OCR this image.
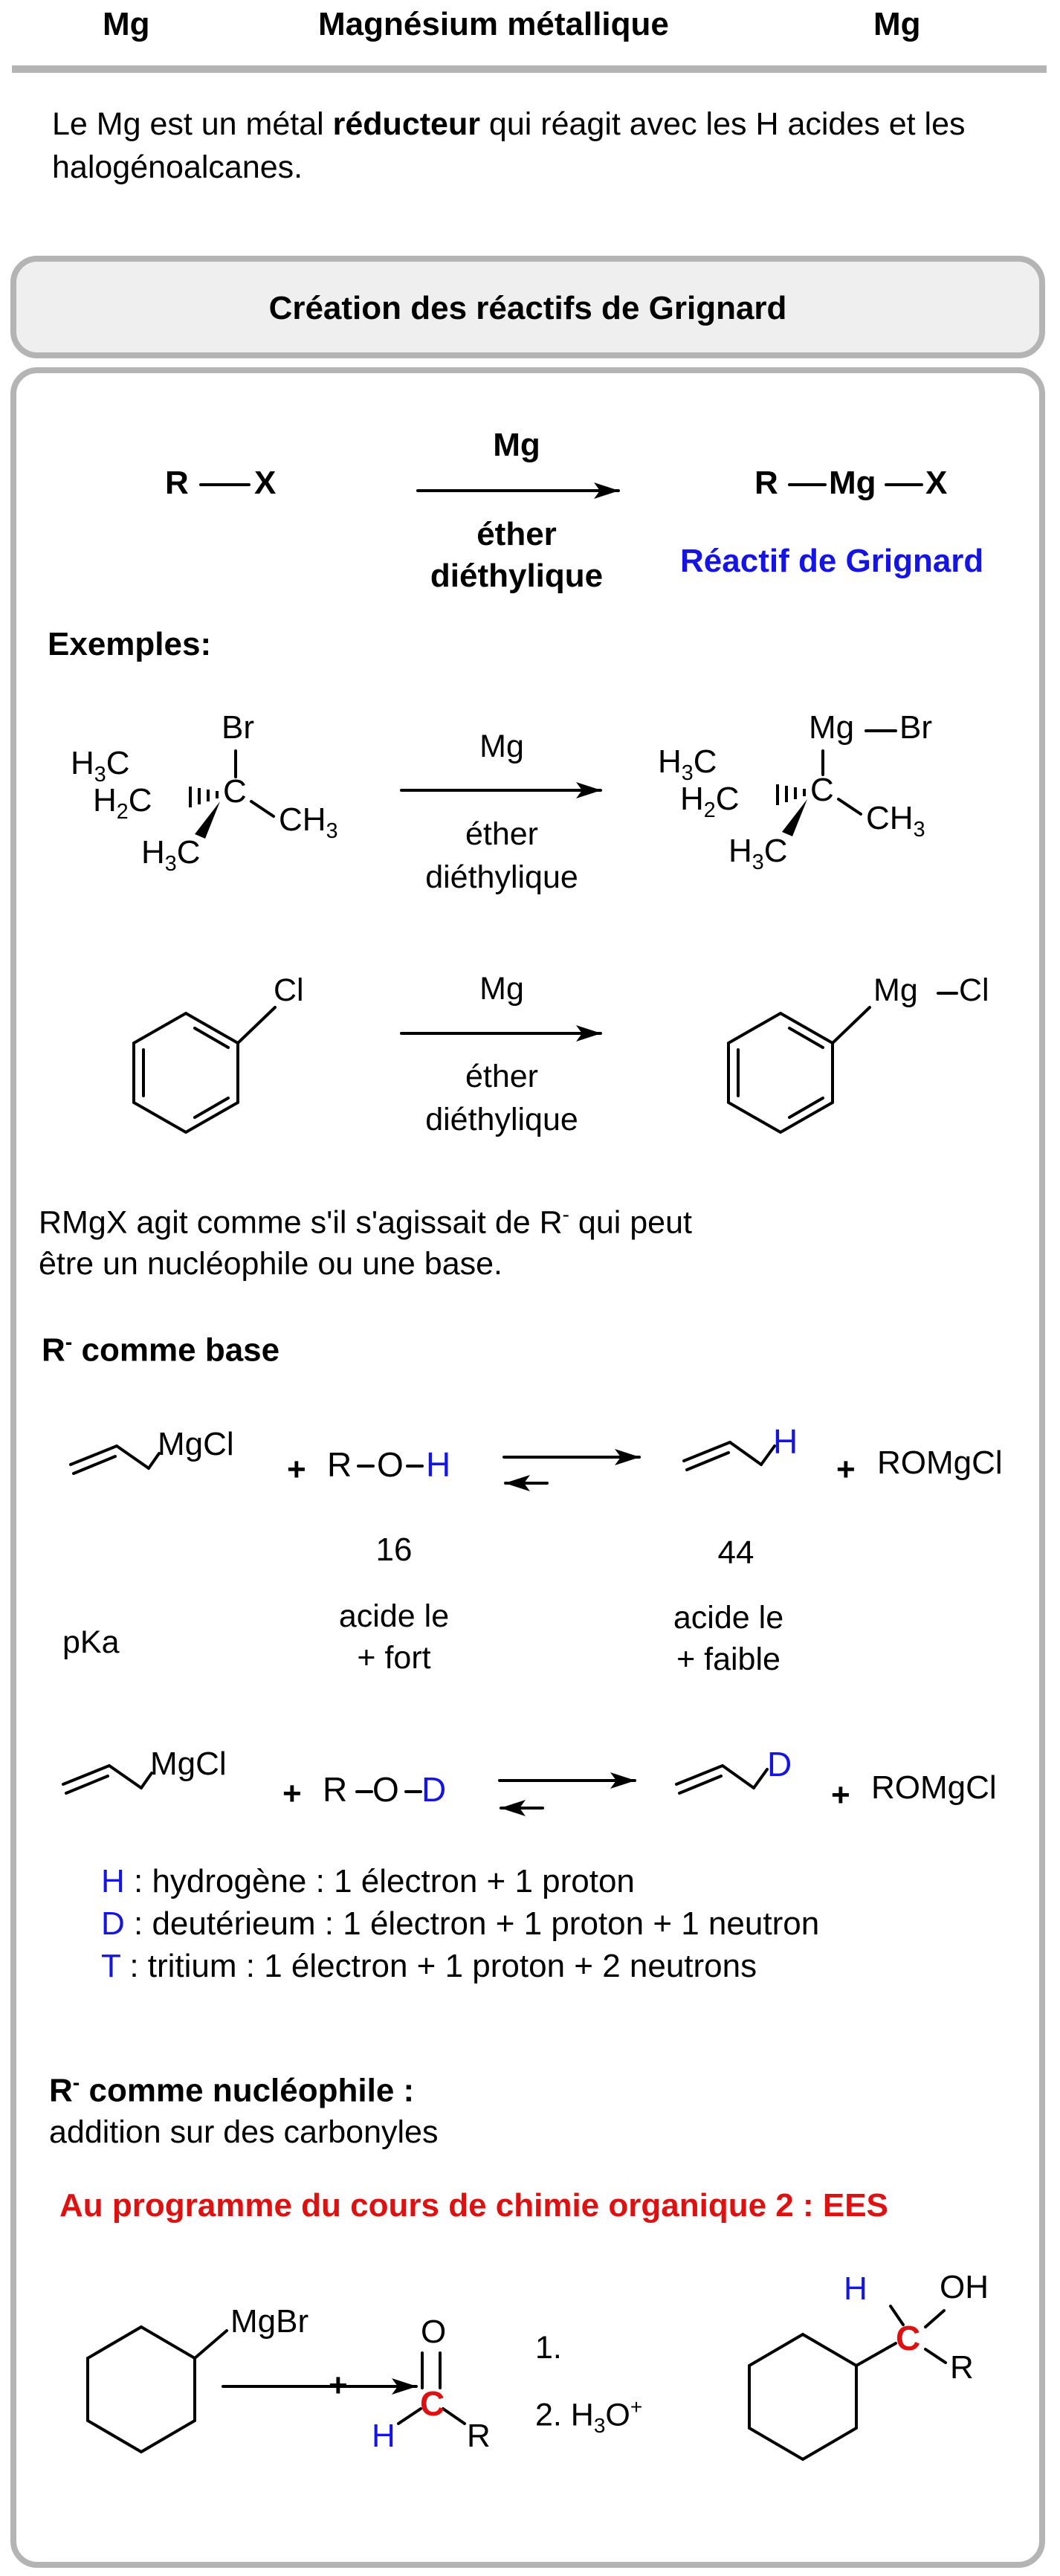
Mg	Magnésium métallique	Mg
Le Mg est un métal réducteur qui réagit avec les H acides et les halogénoalcanes.
Création des réactifs de Grignard
R X
Mg
éther
diéthylique
R Mg X
Réactif de Grignard
Exemples:
Br
C
$H_3C$
$H_2C$
$CH_3$
$H_3C$
Mg
éther
diéthylique
Mg Br
C
$H_3C$
$H_2C$
$CH_3$
$H_3C$
Cl	Mg
éther
diéthylique
Mg Cl
RMgX agit comme s'il s'agissait de R- qui peut
être un nucléophile ou une base.
R- comme base
MgCl
+ R O H
H
+ ROMgCl
16	44
pKa
acide le
+ fort
acide le
+ faible
MgCl
+ R O D
D
+ ROMgCl
H : hydrogène : 1 électron + 1 proton
D : deutérieum : 1 électron + 1 proton + 1 neutron
T : tritium : 1 électron + 1 proton + 2 neutrons
R- comme nucléophile :
addition sur des carbonyles
Au programme du cours de chimie organique 2 : EES
MgBr
+
O
C
H R
1.
2. $H_3O^+$
H OH
C
R
